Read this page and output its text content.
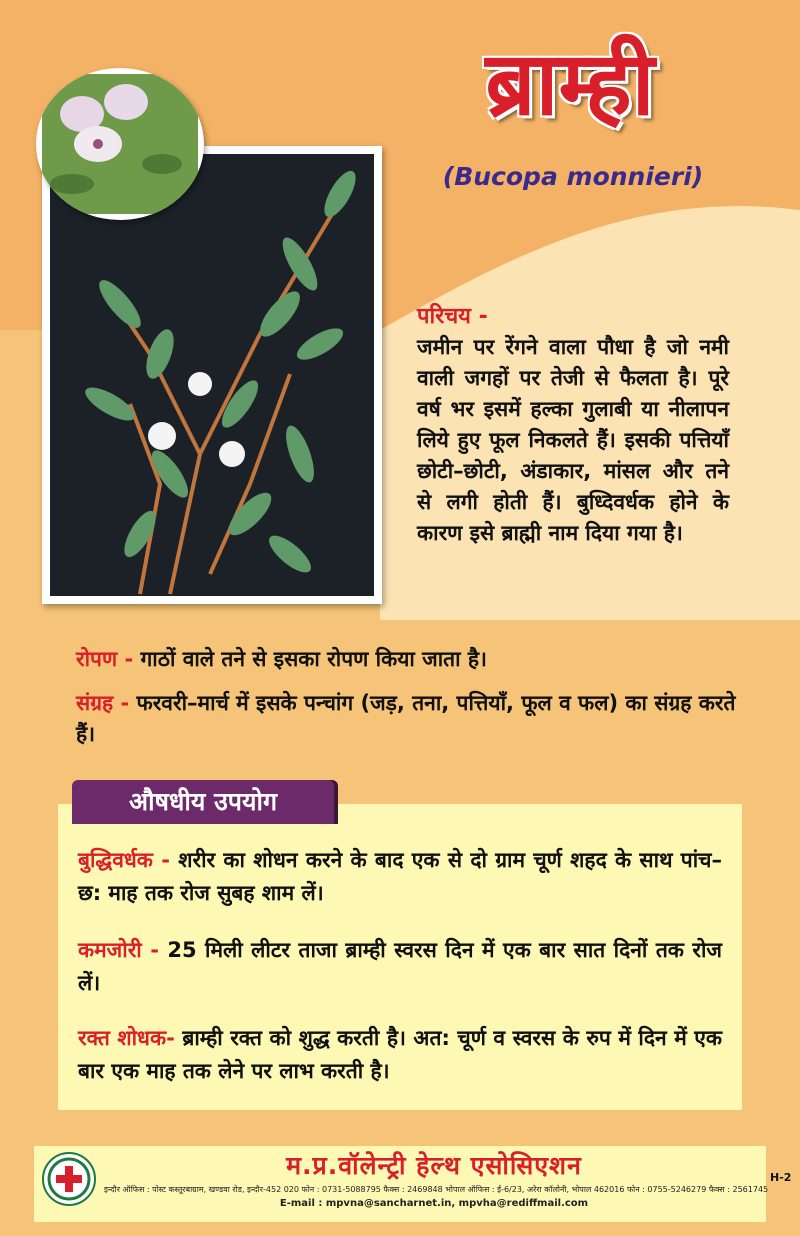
ब्राम्ही
(Bucopa monnieri)
परिचय -

जमीन पर रेंगने वाला पौधा है जो नमी वाली जगहों पर तेजी से फैलता है। पूरे वर्ष भर इसमें हल्का गुलाबी या नीलापन लिये हुए फूल निकलते हैं। इसकी पत्तियाँ छोटी–छोटी, अंडाकार, मांसल और तने से लगी होती हैं। बुध्दिवर्धक होने के कारण इसे ब्राह्मी नाम दिया गया है।

रोपण - गाठों वाले तने से इसका रोपण किया जाता है।

संग्रह - फरवरी–मार्च में इसके पन्चांग (जड़, तना, पत्तियाँ, फूल व फल) का संग्रह करते हैं।

बुद्धिवर्धक - शरीर का शोधन करने के बाद एक से दो ग्राम चूर्ण शहद के साथ पांच–छ: माह तक रोज सुबह शाम लें।

कमजोरी - 25 मिली लीटर ताजा ब्राम्ही स्वरस दिन में एक बार सात दिनों तक रोज लें।

रक्त शोधक- ब्राम्ही रक्त को शुद्ध करती है। अत: चूर्ण व स्वरस के रुप में दिन में एक बार एक माह तक लेने पर लाभ करती है।

औषधीय उपयोग
म.प्र.वॉलेन्ट्री हेल्थ एसोसिएशन
इन्दौर ऑफिस : पोस्ट कस्तूरबाग्राम, खण्डवा रोड, इन्दौर-452 020 फोन : 0731-5088795 फैक्स : 2469848 भोपाल ऑफिस : ई-6/23, अरेरा कॉलोनी, भोपाल 462016 फोन : 0755-5246279 फैक्स : 2561745
E-mail : mpvna@sancharnet.in, mpvha@rediffmail.com
H-2
